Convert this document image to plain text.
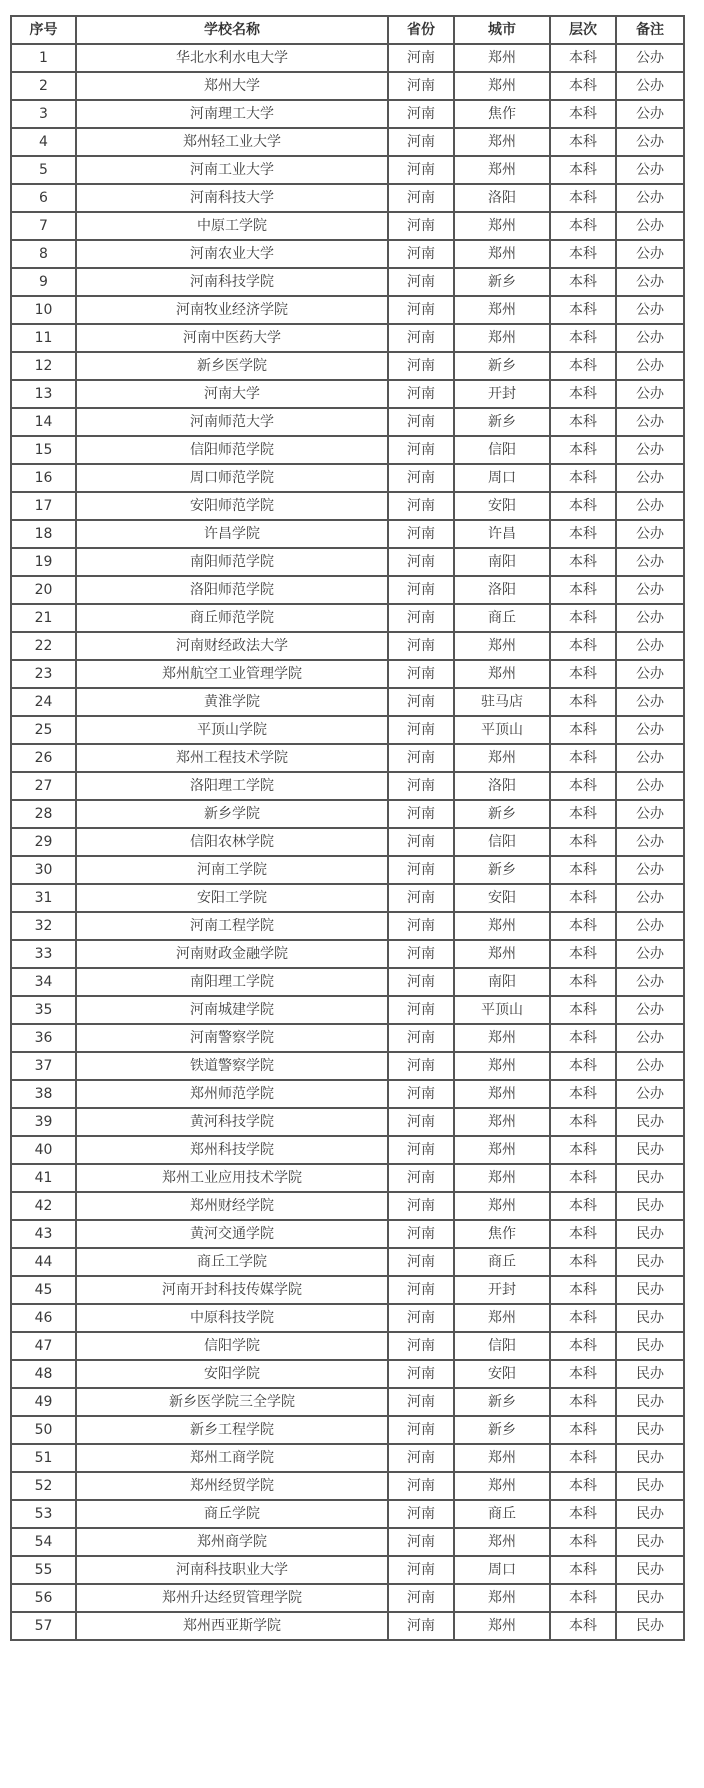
序号	学校名称	省份	城市	层次	备注
1	华北水利水电大学	河南	郑州	本科	公办
2	郑州大学	河南	郑州	本科	公办
3	河南理工大学	河南	焦作	本科	公办
4	郑州轻工业大学	河南	郑州	本科	公办
5	河南工业大学	河南	郑州	本科	公办
6	河南科技大学	河南	洛阳	本科	公办
7	中原工学院	河南	郑州	本科	公办
8	河南农业大学	河南	郑州	本科	公办
9	河南科技学院	河南	新乡	本科	公办
10	河南牧业经济学院	河南	郑州	本科	公办
11	河南中医药大学	河南	郑州	本科	公办
12	新乡医学院	河南	新乡	本科	公办
13	河南大学	河南	开封	本科	公办
14	河南师范大学	河南	新乡	本科	公办
15	信阳师范学院	河南	信阳	本科	公办
16	周口师范学院	河南	周口	本科	公办
17	安阳师范学院	河南	安阳	本科	公办
18	许昌学院	河南	许昌	本科	公办
19	南阳师范学院	河南	南阳	本科	公办
20	洛阳师范学院	河南	洛阳	本科	公办
21	商丘师范学院	河南	商丘	本科	公办
22	河南财经政法大学	河南	郑州	本科	公办
23	郑州航空工业管理学院	河南	郑州	本科	公办
24	黄淮学院	河南	驻马店	本科	公办
25	平顶山学院	河南	平顶山	本科	公办
26	郑州工程技术学院	河南	郑州	本科	公办
27	洛阳理工学院	河南	洛阳	本科	公办
28	新乡学院	河南	新乡	本科	公办
29	信阳农林学院	河南	信阳	本科	公办
30	河南工学院	河南	新乡	本科	公办
31	安阳工学院	河南	安阳	本科	公办
32	河南工程学院	河南	郑州	本科	公办
33	河南财政金融学院	河南	郑州	本科	公办
34	南阳理工学院	河南	南阳	本科	公办
35	河南城建学院	河南	平顶山	本科	公办
36	河南警察学院	河南	郑州	本科	公办
37	铁道警察学院	河南	郑州	本科	公办
38	郑州师范学院	河南	郑州	本科	公办
39	黄河科技学院	河南	郑州	本科	民办
40	郑州科技学院	河南	郑州	本科	民办
41	郑州工业应用技术学院	河南	郑州	本科	民办
42	郑州财经学院	河南	郑州	本科	民办
43	黄河交通学院	河南	焦作	本科	民办
44	商丘工学院	河南	商丘	本科	民办
45	河南开封科技传媒学院	河南	开封	本科	民办
46	中原科技学院	河南	郑州	本科	民办
47	信阳学院	河南	信阳	本科	民办
48	安阳学院	河南	安阳	本科	民办
49	新乡医学院三全学院	河南	新乡	本科	民办
50	新乡工程学院	河南	新乡	本科	民办
51	郑州工商学院	河南	郑州	本科	民办
52	郑州经贸学院	河南	郑州	本科	民办
53	商丘学院	河南	商丘	本科	民办
54	郑州商学院	河南	郑州	本科	民办
55	河南科技职业大学	河南	周口	本科	民办
56	郑州升达经贸管理学院	河南	郑州	本科	民办
57	郑州西亚斯学院	河南	郑州	本科	民办
